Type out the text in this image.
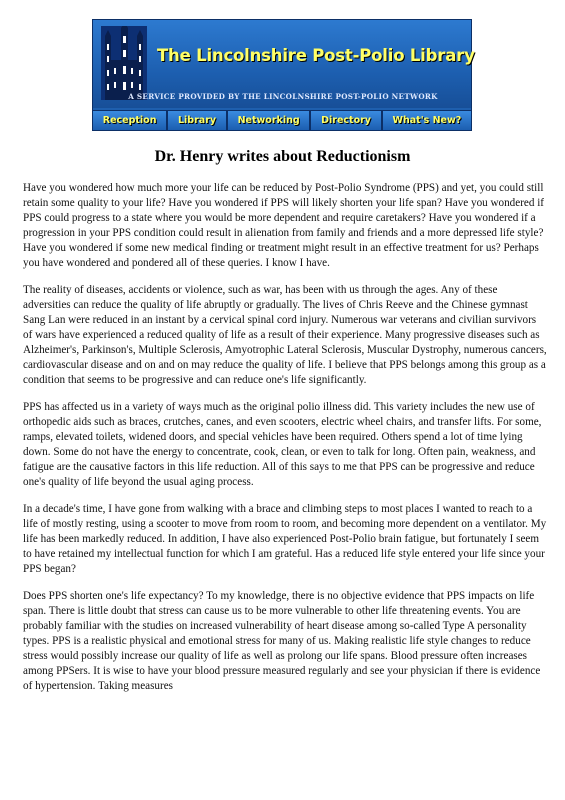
The Lincolnshire Post-Polio Library
A SERVICE PROVIDED BY THE LINCOLNSHIRE POST-POLIO NETWORK
Reception	Library	Networking	Directory	What's New?
Dr. Henry writes about Reductionism

Have you wondered how much more your life can be reduced by Post-Polio Syndrome (PPS) and yet, you could still retain some quality to your life? Have you wondered if PPS will likely shorten your life span? Have you wondered if PPS could progress to a state where you would be more dependent and require caretakers? Have you wondered if a progression in your PPS condition could result in alienation from family and friends and a more depressed life style? Have you wondered if some new medical finding or treatment might result in an effective treatment for us? Perhaps you have wondered and pondered all of these queries. I know I have.

The reality of diseases, accidents or violence, such as war, has been with us through the ages. Any of these adversities can reduce the quality of life abruptly or gradually. The lives of Chris Reeve and the Chinese gymnast Sang Lan were reduced in an instant by a cervical spinal cord injury. Numerous war veterans and civilian survivors of wars have experienced a reduced quality of life as a result of their experience. Many progressive diseases such as Alzheimer's, Parkinson's, Multiple Sclerosis, Amyotrophic Lateral Sclerosis, Muscular Dystrophy, numerous cancers, cardiovascular disease and on and on may reduce the quality of life. I believe that PPS belongs among this group as a condition that seems to be progressive and can reduce one's life significantly.

PPS has affected us in a variety of ways much as the original polio illness did. This variety includes the new use of orthopedic aids such as braces, crutches, canes, and even scooters, electric wheel chairs, and transfer lifts. For some, ramps, elevated toilets, widened doors, and special vehicles have been required. Others spend a lot of time lying down. Some do not have the energy to concentrate, cook, clean, or even to talk for long. Often pain, weakness, and fatigue are the causative factors in this life reduction. All of this says to me that PPS can be progressive and reduce one's quality of life beyond the usual aging process.

In a decade's time, I have gone from walking with a brace and climbing steps to most places I wanted to reach to a life of mostly resting, using a scooter to move from room to room, and becoming more dependent on a ventilator. My life has been markedly reduced. In addition, I have also experienced Post-Polio brain fatigue, but fortunately I seem to have retained my intellectual function for which I am grateful. Has a reduced life style entered your life since your PPS began?

Does PPS shorten one's life expectancy? To my knowledge, there is no objective evidence that PPS impacts on life span. There is little doubt that stress can cause us to be more vulnerable to other life threatening events. You are probably familiar with the studies on increased vulnerability of heart disease among so-called Type A personality types. PPS is a realistic physical and emotional stress for many of us. Making realistic life style changes to reduce stress would possibly increase our quality of life as well as prolong our life spans. Blood pressure often increases among PPSers. It is wise to have your blood pressure measured regularly and see your physician if there is evidence of hypertension. Taking measures
